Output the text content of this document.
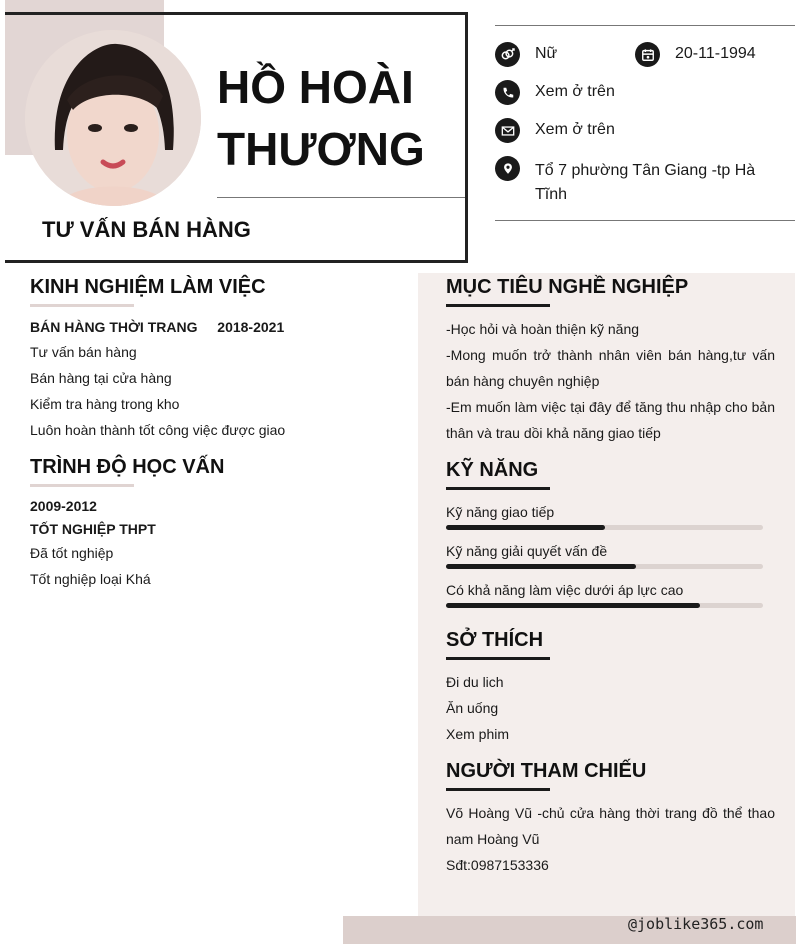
HỒ HOÀI
THƯƠNG
TƯ VẤN BÁN HÀNG
Nữ	20-11-1994
Xem ở trên
Xem ở trên
Tổ 7 phường Tân Giang -tp Hà
Tĩnh
KINH NGHIỆM LÀM VIỆC
BÁN HÀNG THỜI TRANG 2018-2021
Tư vấn bán hàng
Bán hàng tại cửa hàng
Kiểm tra hàng trong kho
Luôn hoàn thành tốt công việc được giao
TRÌNH ĐỘ HỌC VẤN
2009-2012
TỐT NGHIỆP THPT
Đã tốt nghiệp
Tốt nghiệp loại Khá
MỤC TIÊU NGHỀ NGHIỆP
-Học hỏi và hoàn thiện kỹ năng
-Mong muốn trở thành nhân viên bán hàng,tư vấn bán hàng chuyên nghiệp
-Em muốn làm việc tại đây để tăng thu nhập cho bản thân và trau dồi khả năng giao tiếp
KỸ NĂNG
Kỹ năng giao tiếp
Kỹ năng giải quyết vấn đề
Có khả năng làm việc dưới áp lực cao
SỞ THÍCH
Đi du lich
Ăn uống
Xem phim
NGƯỜI THAM CHIẾU
Võ Hoàng Vũ -chủ cửa hàng thời trang đồ thể thao nam Hoàng Vũ
Sđt:0987153336
@joblike365.com
